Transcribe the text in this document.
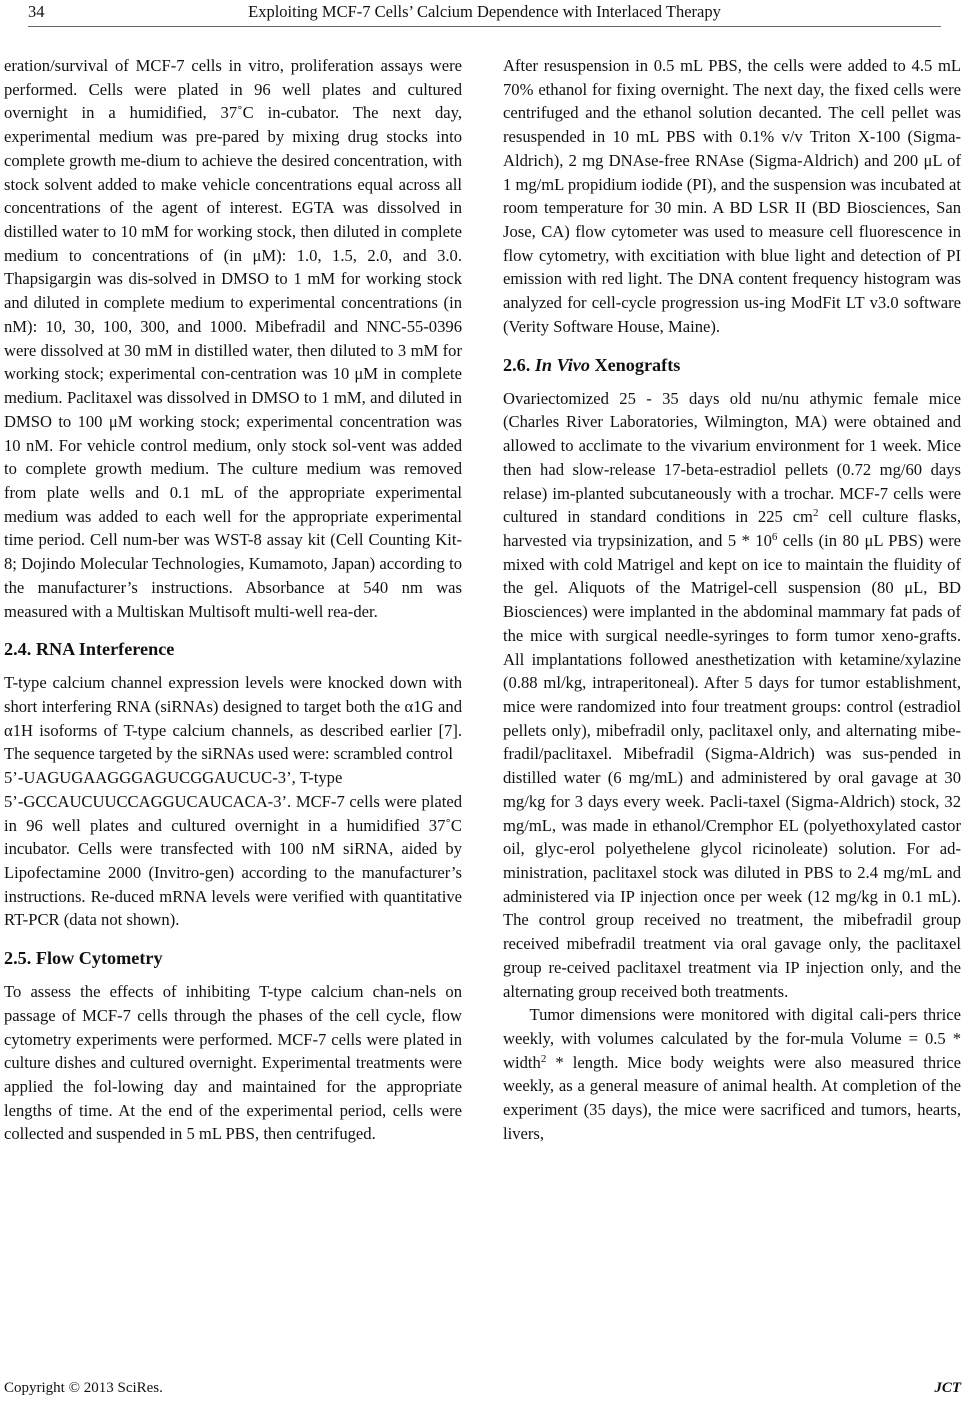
34	Exploiting MCF-7 Cells’ Calcium Dependence with Interlaced Therapy

eration/survival of MCF-7 cells in vitro, proliferation assays were performed. Cells were plated in 96 well plates and cultured overnight in a humidified, 37˚C in-cubator. The next day, experimental medium was pre-pared by mixing drug stocks into complete growth me-dium to achieve the desired concentration, with stock solvent added to make vehicle concentrations equal across all concentrations of the agent of interest. EGTA was dissolved in distilled water to 10 mM for working stock, then diluted in complete medium to concentrations of (in μM): 1.0, 1.5, 2.0, and 3.0. Thapsigargin was dis-solved in DMSO to 1 mM for working stock and diluted in complete medium to experimental concentrations (in nM): 10, 30, 100, 300, and 1000. Mibefradil and NNC-55-0396 were dissolved at 30 mM in distilled water, then diluted to 3 mM for working stock; experimental con-centration was 10 μM in complete medium. Paclitaxel was dissolved in DMSO to 1 mM, and diluted in DMSO to 100 μM working stock; experimental concentration was 10 nM. For vehicle control medium, only stock sol-vent was added to complete growth medium. The culture medium was removed from plate wells and 0.1 mL of the appropriate experimental medium was added to each well for the appropriate experimental time period. Cell num-ber was WST-8 assay kit (Cell Counting Kit-8; Dojindo Molecular Technologies, Kumamoto, Japan) according to the manufacturer’s instructions. Absorbance at 540 nm was measured with a Multiskan Multisoft multi-well rea-der.

2.4. RNA Interference

T-type calcium channel expression levels were knocked down with short interfering RNA (siRNAs) designed to target both the α1G and α1H isoforms of T-type calcium channels, as described earlier [7]. The sequence targeted by the siRNAs used were: scrambled control

5’-UAGUGAAGGGAGUCGGAUCUC-3’, T-type

5’-GCCAUCUUCCAGGUCAUCACA-3’. MCF-7 cells were plated in 96 well plates and cultured overnight in a humidified 37˚C incubator. Cells were transfected with 100 nM siRNA, aided by Lipofectamine 2000 (Invitro-gen) according to the manufacturer’s instructions. Re-duced mRNA levels were verified with quantitative RT-PCR (data not shown).

2.5. Flow Cytometry

To assess the effects of inhibiting T-type calcium chan-nels on passage of MCF-7 cells through the phases of the cell cycle, flow cytometry experiments were performed. MCF-7 cells were plated in culture dishes and cultured overnight. Experimental treatments were applied the fol-lowing day and maintained for the appropriate lengths of time. At the end of the experimental period, cells were collected and suspended in 5 mL PBS, then centrifuged.

After resuspension in 0.5 mL PBS, the cells were added to 4.5 mL 70% ethanol for fixing overnight. The next day, the fixed cells were centrifuged and the ethanol solution decanted. The cell pellet was resuspended in 10 mL PBS with 0.1% v/v Triton X-100 (Sigma-Aldrich), 2 mg DNAse-free RNAse (Sigma-Aldrich) and 200 μL of 1 mg/mL propidium iodide (PI), and the suspension was incubated at room temperature for 30 min. A BD LSR II (BD Biosciences, San Jose, CA) flow cytometer was used to measure cell fluorescence in flow cytometry, with excitiation with blue light and detection of PI emission with red light. The DNA content frequency histogram was analyzed for cell-cycle progression us-ing ModFit LT v3.0 software (Verity Software House, Maine).

2.6. In Vivo Xenografts

Ovariectomized 25 - 35 days old nu/nu athymic female mice (Charles River Laboratories, Wilmington, MA) were obtained and allowed to acclimate to the vivarium environment for 1 week. Mice then had slow-release 17-beta-estradiol pellets (0.72 mg/60 days relase) im-planted subcutaneously with a trochar. MCF-7 cells were cultured in standard conditions in 225 $cm^2$ cell culture flasks, harvested via trypsinization, and $5 * 10^6$ cells (in 80 μL PBS) were mixed with cold Matrigel and kept on ice to maintain the fluidity of the gel. Aliquots of the Matrigel-cell suspension (80 μL, BD Biosciences) were implanted in the abdominal mammary fat pads of the mice with surgical needle-syringes to form tumor xeno-grafts. All implantations followed anesthetization with ketamine/xylazine (0.88 ml/kg, intraperitoneal). After 5 days for tumor establishment, mice were randomized into four treatment groups: control (estradiol pellets only), mibefradil only, paclitaxel only, and alternating mibe-fradil/paclitaxel. Mibefradil (Sigma-Aldrich) was sus-pended in distilled water (6 mg/mL) and administered by oral gavage at 30 mg/kg for 3 days every week. Pacli-taxel (Sigma-Aldrich) stock, 32 mg/mL, was made in ethanol/Cremphor EL (polyethoxylated castor oil, glyc-erol polyethelene glycol ricinoleate) solution. For ad-ministration, paclitaxel stock was diluted in PBS to 2.4 mg/mL and administered via IP injection once per week (12 mg/kg in 0.1 mL). The control group received no treatment, the mibefradil group received mibefradil treatment via oral gavage only, the paclitaxel group re-ceived paclitaxel treatment via IP injection only, and the alternating group received both treatments.

Tumor dimensions were monitored with digital cali-pers thrice weekly, with volumes calculated by the for-mula Volume = 0.5 * width$^2$ * length. Mice body weights were also measured thrice weekly, as a general measure of animal health. At completion of the experiment (35 days), the mice were sacrificed and tumors, hearts, livers,

Copyright © 2013 SciRes.	JCT
